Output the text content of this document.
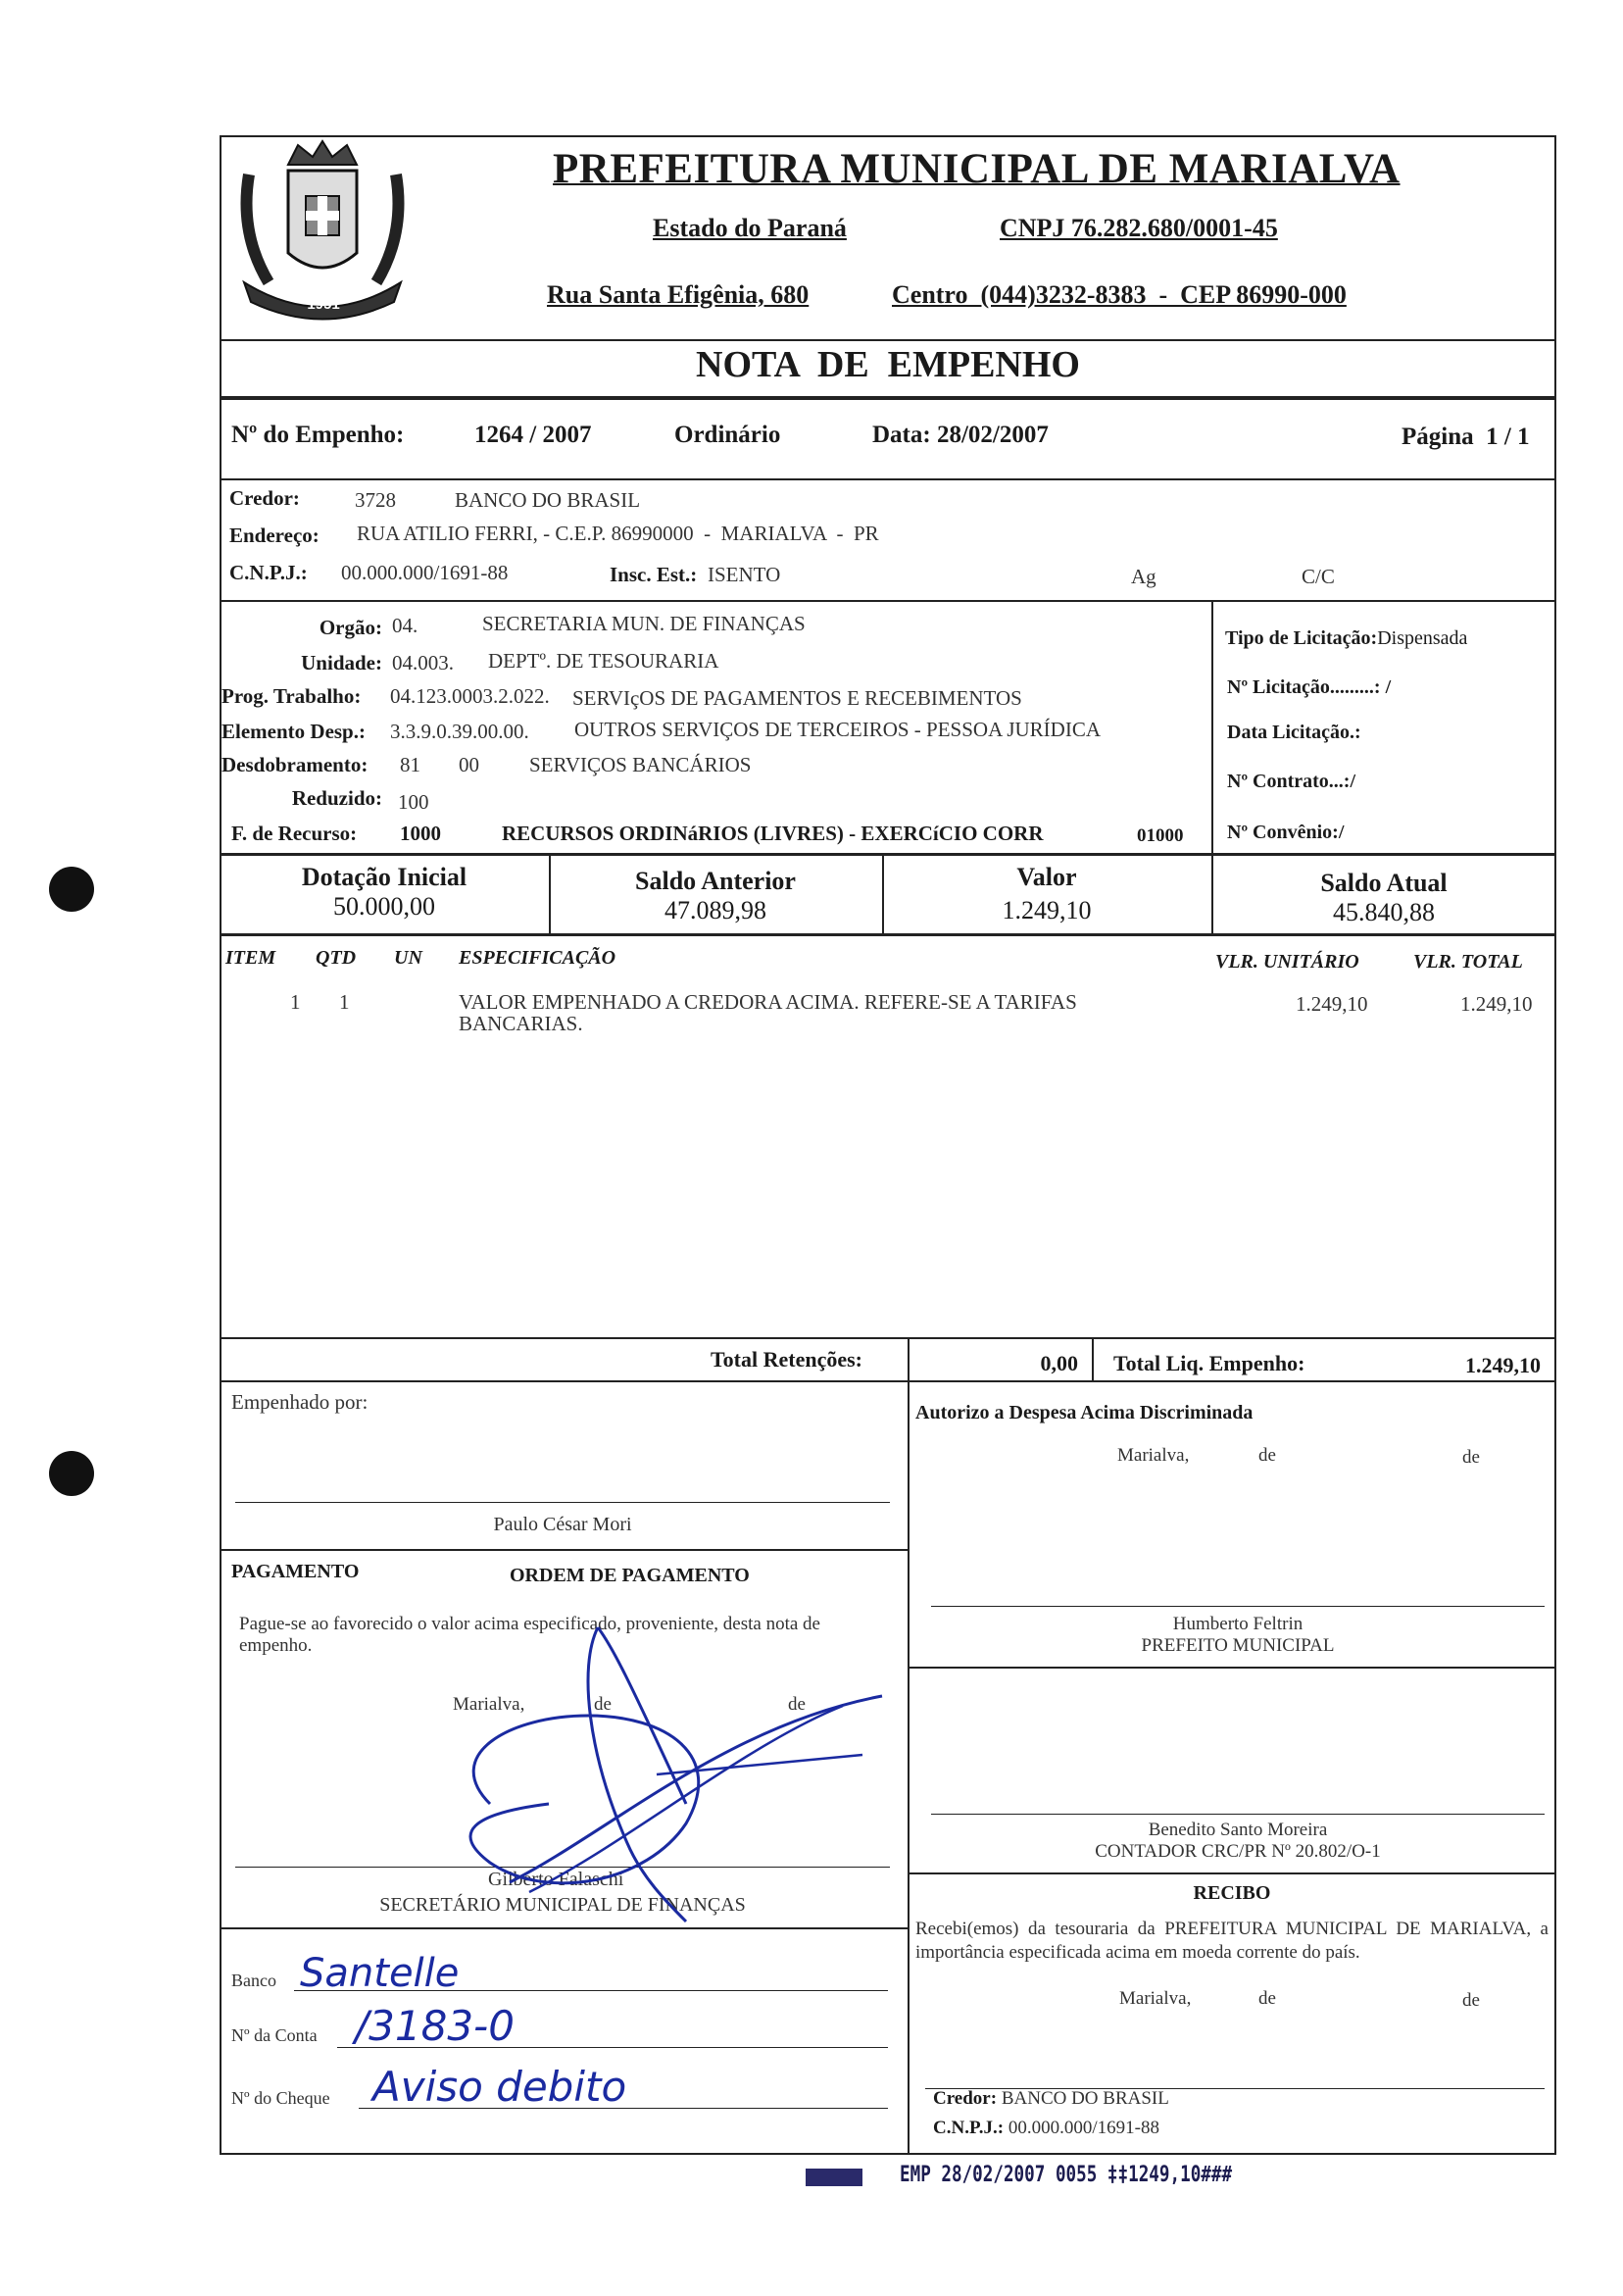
MARIALVA 1951
PREFEITURA MUNICIPAL DE MARIALVA
Estado do Paraná	CNPJ 76.282.680/0001-45
Rua Santa Efigênia, 680	Centro  (044)3232-8383  -  CEP 86990-000
NOTA  DE  EMPENHO
Nº do Empenho:	1264 / 2007	Ordinário	Data: 28/02/2007	Página  1 / 1
Credor:	3728	BANCO DO BRASIL
Endereço: RUA ATILIO FERRI, - C.E.P. 86990000  -  MARIALVA  -  PR
C.N.P.J.: 00.000.000/1691-88	Insc. Est.: ISENTO	Ag	C/C
Orgão: 04.	SECRETARIA MUN. DE FINANÇAS
Unidade: 04.003. DEPTº. DE TESOURARIA
Prog. Trabalho: 04.123.0003.2.022. SERVIçOS DE PAGAMENTOS E RECEBIMENTOS
Elemento Desp.: 3.3.9.0.39.00.00. OUTROS SERVIÇOS DE TERCEIROS - PESSOA JURÍDICA
Desdobramento: 81 00 SERVIÇOS BANCÁRIOS
Reduzido: 100
F. de Recurso: 1000	RECURSOS ORDINáRIOS (LIVRES) - EXERCíCIO CORR	01000
Tipo de Licitação:Dispensada
Nº Licitação.........: /
Data Licitação.:
Nº Contrato...:/
Nº Convênio:/
Dotação Inicial
50.000,00
Saldo Anterior
47.089,98
Valor
1.249,10
Saldo Atual
45.840,88
ITEM QTD UN ESPECIFICAÇÃO	VLR. UNITÁRIO	VLR. TOTAL
1 1	VALOR EMPENHADO A CREDORA ACIMA. REFERE-SE A TARIFAS
BANCARIAS.
1.249,10	1.249,10
Total Retenções:	0,00 Total Liq. Empenho:	1.249,10
Empenhado por:
Paulo César Mori
PAGAMENTO	ORDEM DE PAGAMENTO
Pague-se ao favorecido o valor acima especificado, proveniente, desta nota de empenho.
Marialva,	de	de
Gilberto Falaschi
SECRETÁRIO MUNICIPAL DE FINANÇAS
Banco Santelle
Nº da Conta /3183-0
Nº do Cheque Aviso debito
Autorizo a Despesa Acima Discriminada
Marialva,	de	de
Humberto Feltrin
PREFEITO MUNICIPAL
Benedito Santo Moreira
CONTADOR CRC/PR Nº 20.802/O-1
RECIBO
Recebi(emos) da tesouraria da PREFEITURA MUNICIPAL DE MARIALVA, a importância especificada acima em moeda corrente do país.
Marialva,	de	de
Credor: BANCO DO BRASIL
C.N.P.J.: 00.000.000/1691-88
EMP 28/02/2007 0055 ‡‡1249,10###
